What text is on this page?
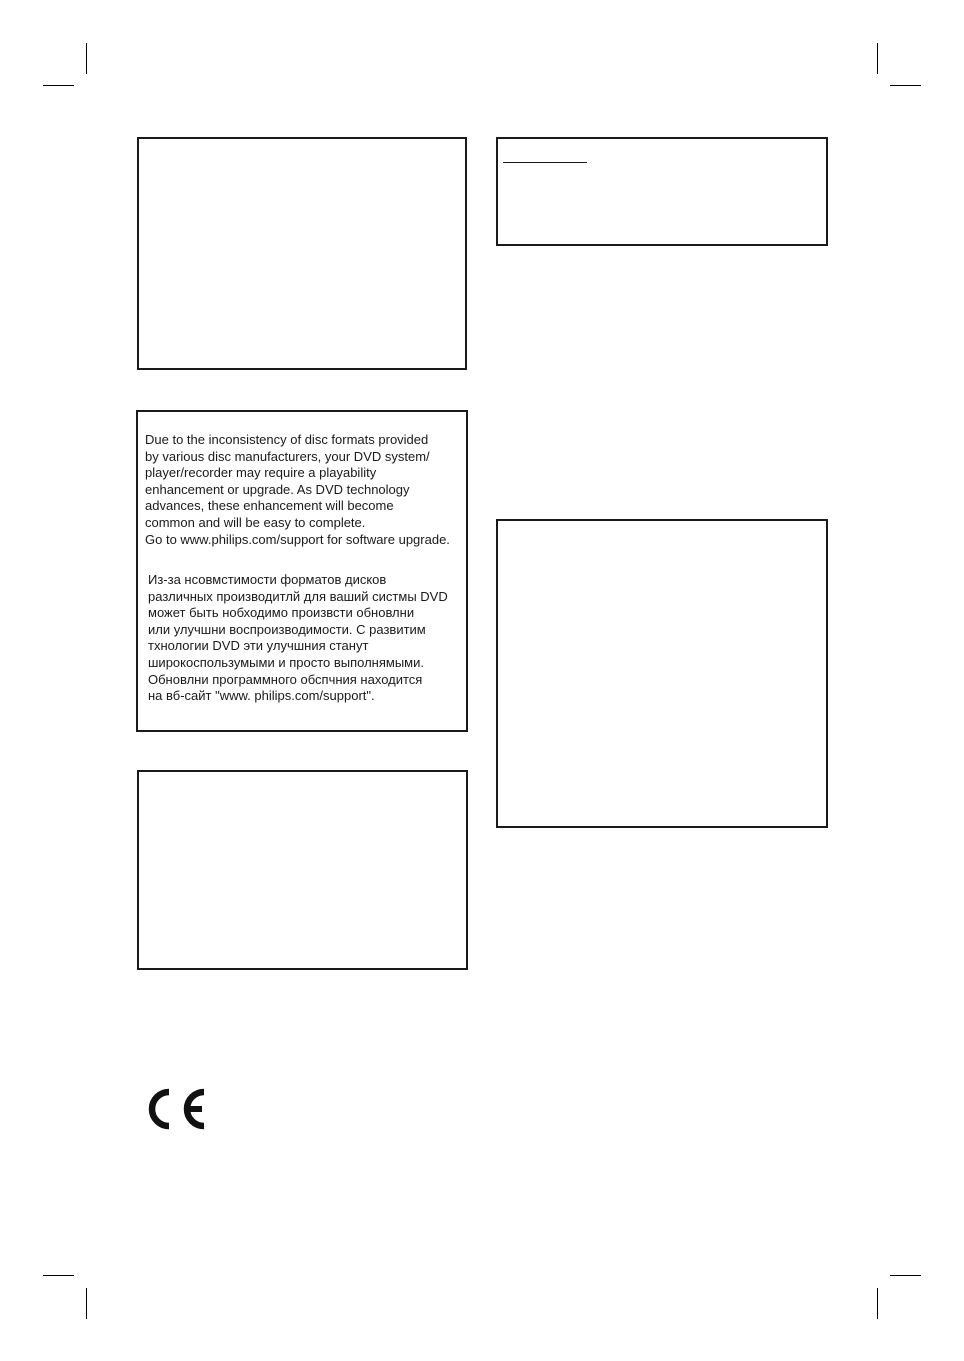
Due to the inconsistency of disc formats provided
by various disc manufacturers, your DVD system/
player/recorder may require a playability
enhancement or upgrade. As DVD technology
advances, these enhancement will become
common and will be easy to complete.
Go to www.philips.com/support for software upgrade.
Из-за нсовмстимости форматов дисков
различных производитлй для ваший систмы DVD
может быть нобходимо произвсти обновлни
или улучшни воспроизводимости. С развитим
тxнологии DVD эти улучшния станут
широкоспользумыми и просто выполнямыми.
Обновлни программного обспчния находится
на вб-сайт "www. philips.com/support".
